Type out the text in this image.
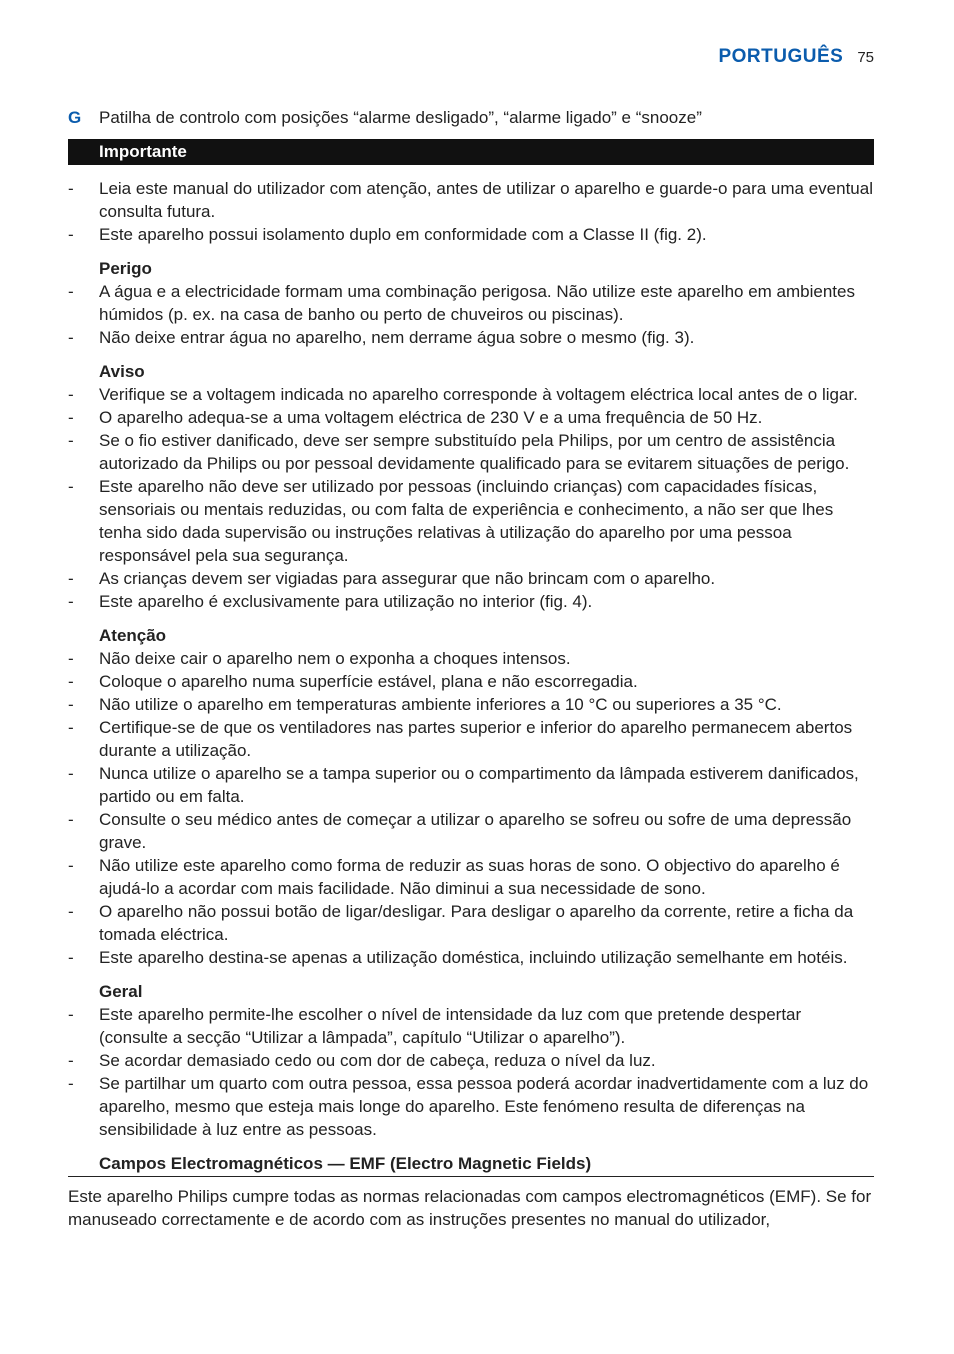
PORTUGUÊS 75
G Patilha de controlo com posições “alarme desligado”, “alarme ligado” e “snooze”
Importante
- Leia este manual do utilizador com atenção, antes de utilizar o aparelho e guarde-o para uma eventual consulta futura.
- Este aparelho possui isolamento duplo em conformidade com a Classe II (fig. 2).
Perigo
- A água e a electricidade formam uma combinação perigosa. Não utilize este aparelho em ambientes húmidos (p. ex. na casa de banho ou perto de chuveiros ou piscinas).
- Não deixe entrar água no aparelho, nem derrame água sobre o mesmo (fig. 3).
Aviso
- Verifique se a voltagem indicada no aparelho corresponde à voltagem eléctrica local antes de o ligar.
- O aparelho adequa-se a uma voltagem eléctrica de 230 V e a uma frequência de 50 Hz.
- Se o fio estiver danificado, deve ser sempre substituído pela Philips, por um centro de assistência autorizado da Philips ou por pessoal devidamente qualificado para se evitarem situações de perigo.
- Este aparelho não deve ser utilizado por pessoas (incluindo crianças) com capacidades físicas, sensoriais ou mentais reduzidas, ou com falta de experiência e conhecimento, a não ser que lhes tenha sido dada supervisão ou instruções relativas à utilização do aparelho por uma pessoa responsável pela sua segurança.
- As crianças devem ser vigiadas para assegurar que não brincam com o aparelho.
- Este aparelho é exclusivamente para utilização no interior (fig. 4).
Atenção
- Não deixe cair o aparelho nem o exponha a choques intensos.
- Coloque o aparelho numa superfície estável, plana e não escorregadia.
- Não utilize o aparelho em temperaturas ambiente inferiores a 10 °C ou superiores a 35 °C.
- Certifique-se de que os ventiladores nas partes superior e inferior do aparelho permanecem abertos durante a utilização.
- Nunca utilize o aparelho se a tampa superior ou o compartimento da lâmpada estiverem danificados, partido ou em falta.
- Consulte o seu médico antes de começar a utilizar o aparelho se sofreu ou sofre de uma depressão grave.
- Não utilize este aparelho como forma de reduzir as suas horas de sono. O objectivo do aparelho é ajudá-lo a acordar com mais facilidade. Não diminui a sua necessidade de sono.
- O aparelho não possui botão de ligar/desligar. Para desligar o aparelho da corrente, retire a ficha da tomada eléctrica.
- Este aparelho destina-se apenas a utilização doméstica, incluindo utilização semelhante em hotéis.
Geral
- Este aparelho permite-lhe escolher o nível de intensidade da luz com que pretende despertar (consulte a secção “Utilizar a lâmpada”, capítulo “Utilizar o aparelho”).
- Se acordar demasiado cedo ou com dor de cabeça, reduza o nível da luz.
- Se partilhar um quarto com outra pessoa, essa pessoa poderá acordar inadvertidamente com a luz do aparelho, mesmo que esteja mais longe do aparelho. Este fenómeno resulta de diferenças na sensibilidade à luz entre as pessoas.
Campos Electromagnéticos — EMF (Electro Magnetic Fields)
Este aparelho Philips cumpre todas as normas relacionadas com campos electromagnéticos (EMF). Se for manuseado correctamente e de acordo com as instruções presentes no manual do utilizador,
